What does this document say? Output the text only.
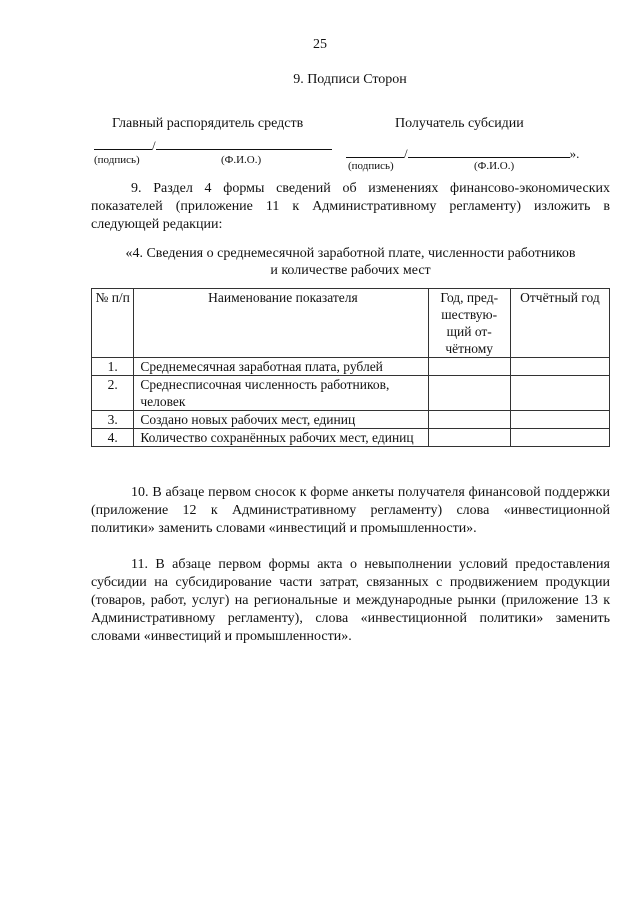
25
9. Подписи Сторон
Главный распорядитель средств	Получатель субсидии
/
(подпись)	(Ф.И.О.)	/	».
(подпись)	(Ф.И.О.)
9. Раздел 4 формы сведений об изменениях финансово-экономических показателей (приложение 11 к Административному регламенту) изложить в следующей редакции:
«4. Сведения о среднемесячной заработной плате, численности работников
и количестве рабочих мест
№ п/п	Наименование показателя	Год, пред-шествую-щий от-чётному	Отчётный год
1.	Среднемесячная заработная плата, рублей		
2.	Среднесписочная численность работников, человек		
3.	Создано новых рабочих мест, единиц		
4.	Количество сохранённых рабочих мест, единиц		
10. В абзаце первом сносок к форме анкеты получателя финансовой поддержки (приложение 12 к Административному регламенту) слова «инвестиционной политики» заменить словами «инвестиций и промышленности».
11. В абзаце первом формы акта о невыполнении условий предоставления субсидии на субсидирование части затрат, связанных с продвижением продукции (товаров, работ, услуг) на региональные и международные рынки (приложение 13 к Административному регламенту), слова «инвестиционной политики» заменить словами «инвестиций и промышленности».
